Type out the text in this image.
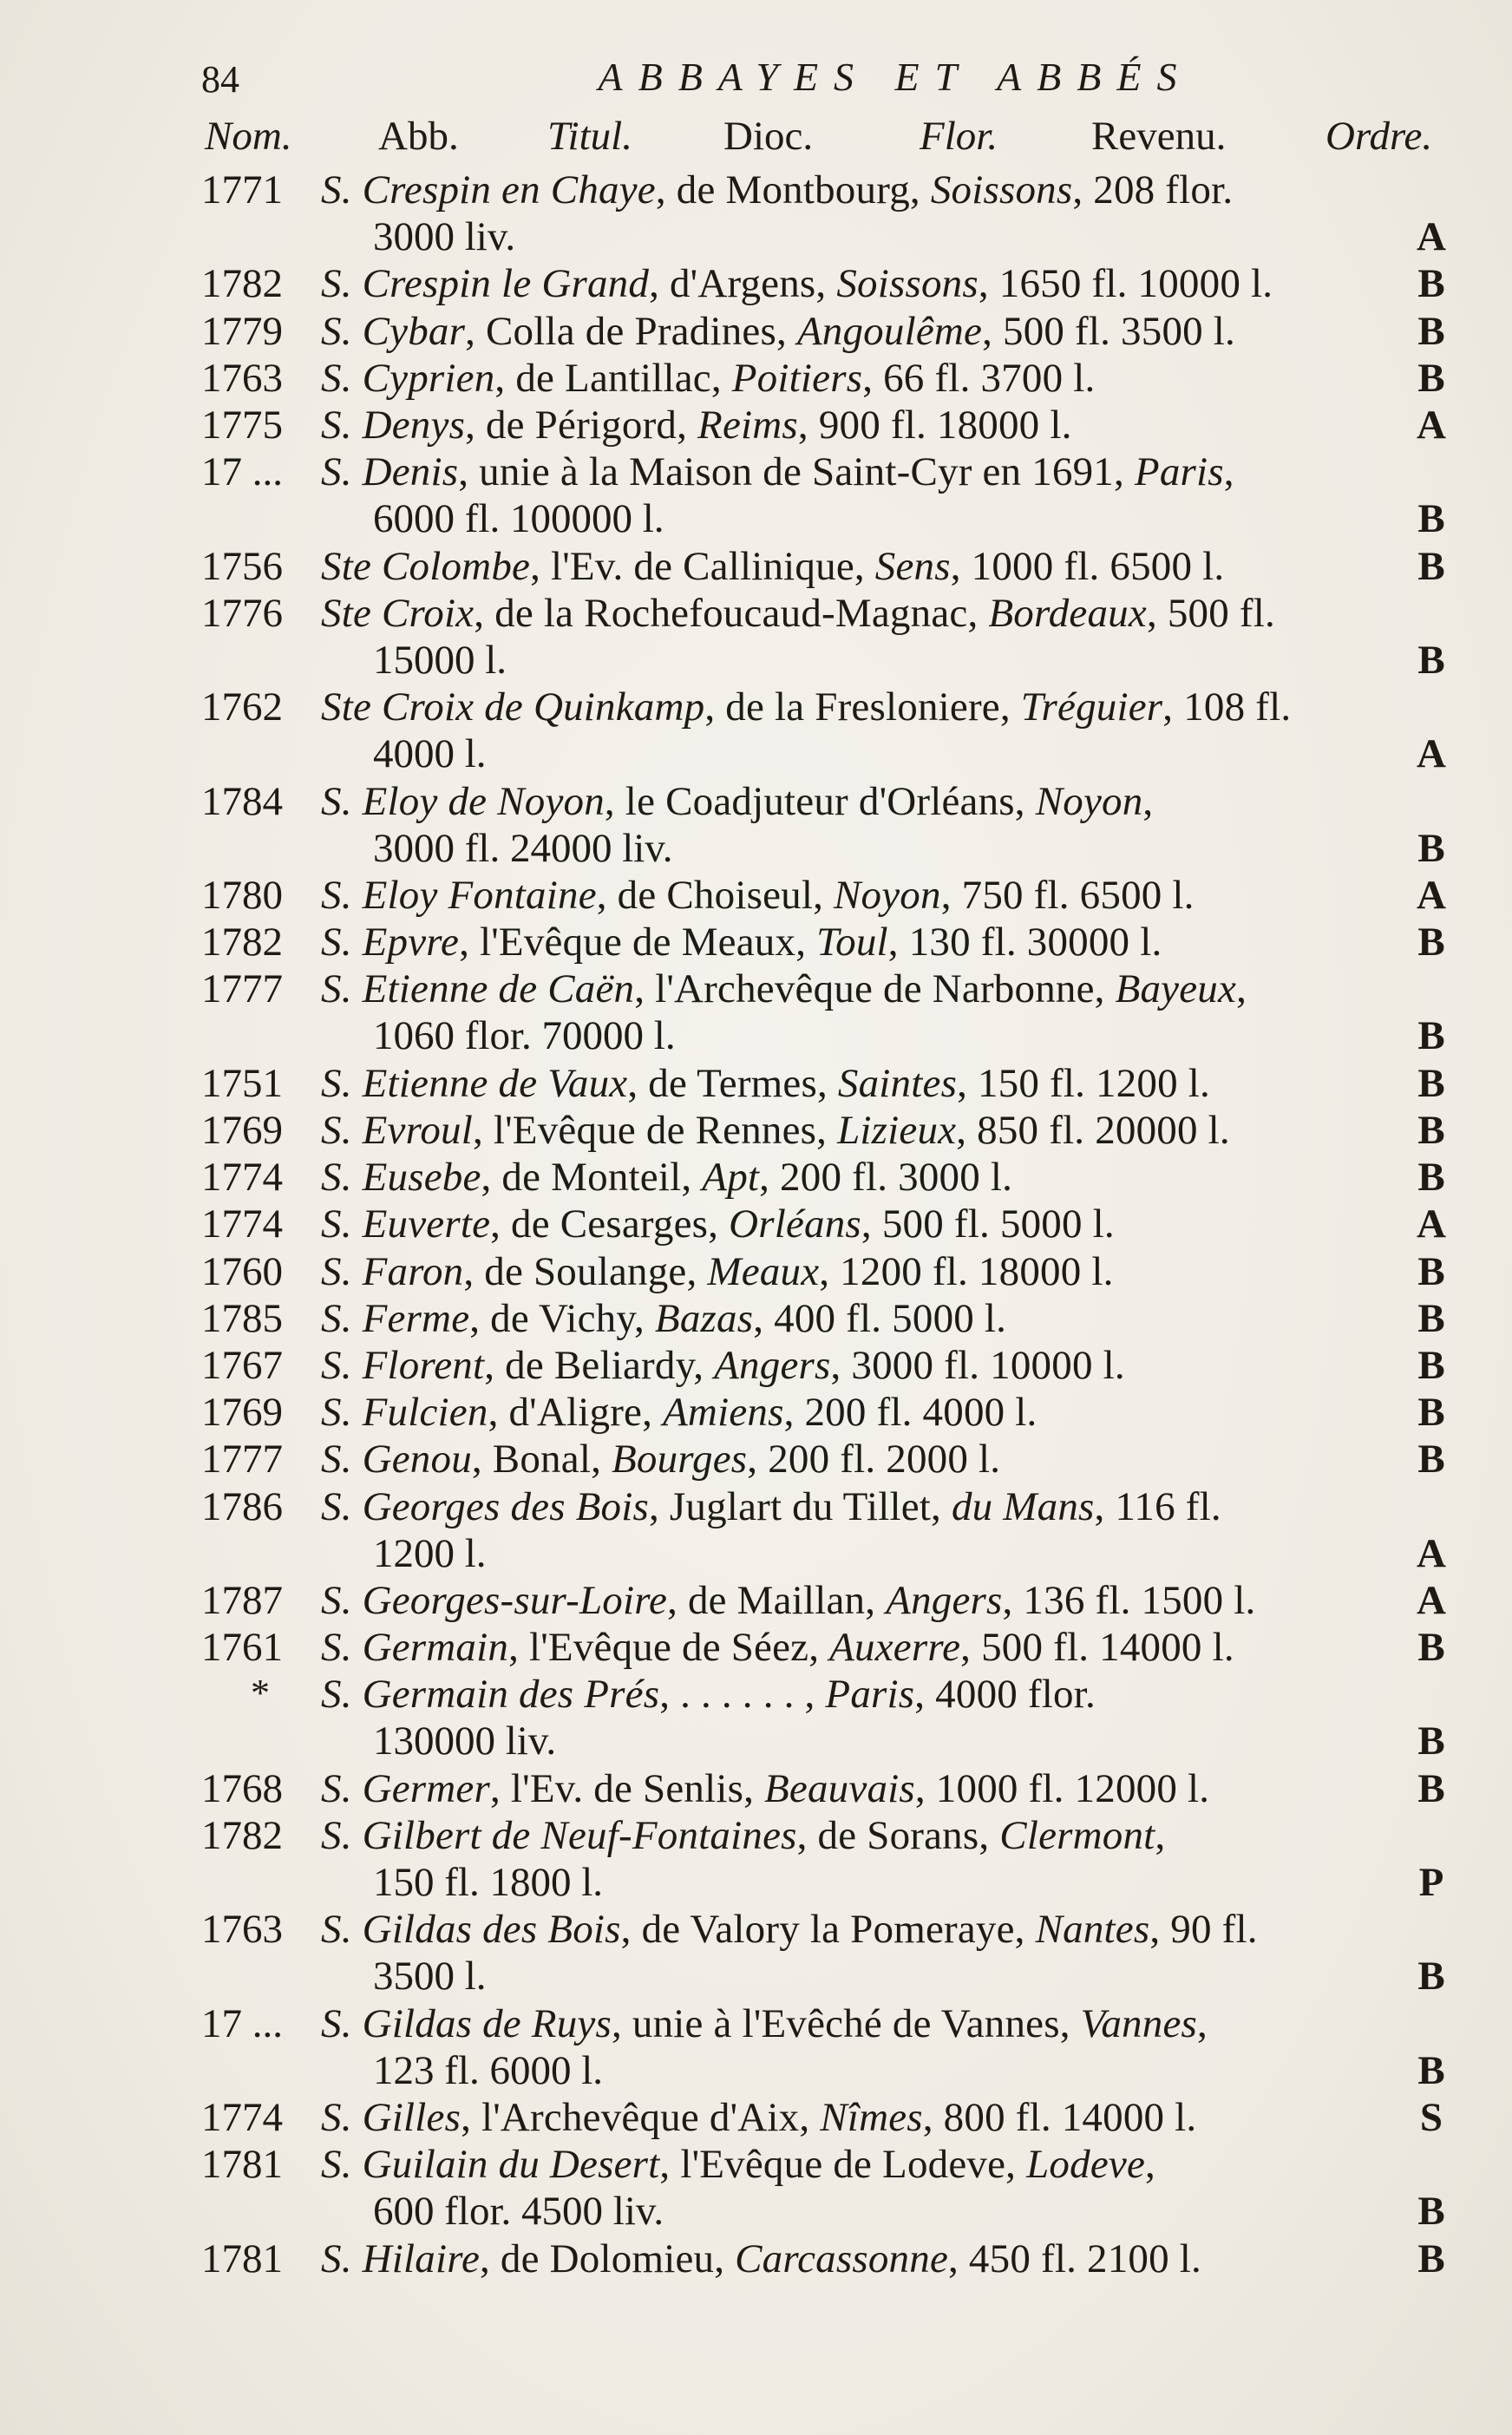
84	ABBAYES ET ABBÉS
Nom. Abb. Titul. Dioc.	Flor. Revenu. Ordre.
1771 S. Crespin en Chaye, de Montbourg, Soissons, 208 flor.
3000 liv.	A
1782 S. Crespin le Grand, d'Argens, Soissons, 1650 fl. 10000 l.	B
1779 S. Cybar, Colla de Pradines, Angoulême, 500 fl. 3500 l.	B
1763 S. Cyprien, de Lantillac, Poitiers, 66 fl. 3700 l.	B
1775 S. Denys, de Périgord, Reims, 900 fl. 18000 l.	A
17 ... S. Denis, unie à la Maison de Saint-Cyr en 1691, Paris,
6000 fl. 100000 l.	B
1756 Ste Colombe, l'Ev. de Callinique, Sens, 1000 fl. 6500 l.	B
1776 Ste Croix, de la Rochefoucaud-Magnac, Bordeaux, 500 fl.
15000 l.	B
1762 Ste Croix de Quinkamp, de la Fresloniere, Tréguier, 108 fl.
4000 l.	A
1784 S. Eloy de Noyon, le Coadjuteur d'Orléans, Noyon,
3000 fl. 24000 liv.	B
1780 S. Eloy Fontaine, de Choiseul, Noyon, 750 fl. 6500 l.	A
1782 S. Epvre, l'Evêque de Meaux, Toul, 130 fl. 30000 l.	B
1777 S. Etienne de Caën, l'Archevêque de Narbonne, Bayeux,
1060 flor. 70000 l.	B
1751 S. Etienne de Vaux, de Termes, Saintes, 150 fl. 1200 l.	B
1769 S. Evroul, l'Evêque de Rennes, Lizieux, 850 fl. 20000 l.	B
1774 S. Eusebe, de Monteil, Apt, 200 fl. 3000 l.	B
1774 S. Euverte, de Cesarges, Orléans, 500 fl. 5000 l.	A
1760 S. Faron, de Soulange, Meaux, 1200 fl. 18000 l.	B
1785 S. Ferme, de Vichy, Bazas, 400 fl. 5000 l.	B
1767 S. Florent, de Beliardy, Angers, 3000 fl. 10000 l.	B
1769 S. Fulcien, d'Aligre, Amiens, 200 fl. 4000 l.	B
1777 S. Genou, Bonal, Bourges, 200 fl. 2000 l.	B
1786 S. Georges des Bois, Juglart du Tillet, du Mans, 116 fl.
1200 l.	A
1787 S. Georges-sur-Loire, de Maillan, Angers, 136 fl. 1500 l.	A
1761 S. Germain, l'Evêque de Séez, Auxerre, 500 fl. 14000 l.	B
*	S. Germain des Prés, . . . . . . , Paris, 4000 flor.
130000 liv.	B
1768 S. Germer, l'Ev. de Senlis, Beauvais, 1000 fl. 12000 l.	B
1782 S. Gilbert de Neuf-Fontaines, de Sorans, Clermont,
150 fl. 1800 l.	P
1763 S. Gildas des Bois, de Valory la Pomeraye, Nantes, 90 fl.
3500 l.	B
17 ... S. Gildas de Ruys, unie à l'Evêché de Vannes, Vannes,
123 fl. 6000 l.	B
1774 S. Gilles, l'Archevêque d'Aix, Nîmes, 800 fl. 14000 l.	S
1781 S. Guilain du Desert, l'Evêque de Lodeve, Lodeve,
600 flor. 4500 liv.	B
1781 S. Hilaire, de Dolomieu, Carcassonne, 450 fl. 2100 l.	B
